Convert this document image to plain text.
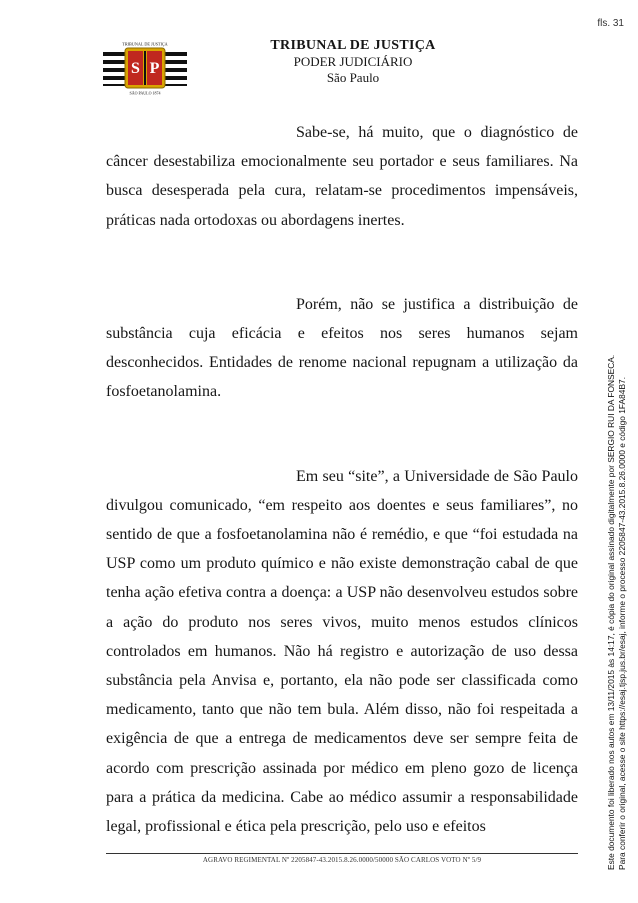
fls. 31
S P
TRIBUNAL DE JUSTIÇA
SÃO PAULO 1874
TRIBUNAL DE JUSTIÇA
PODER JUDICIÁRIO
São Paulo

Sabe-se, há muito, que o diagnóstico de câncer desestabiliza emocionalmente seu portador e seus familiares. Na busca desesperada pela cura, relatam-se procedimentos impensáveis, práticas nada ortodoxas ou abordagens inertes.

Porém, não se justifica a distribuição de substância cuja eficácia e efeitos nos seres humanos sejam desconhecidos. Entidades de renome nacional repugnam a utilização da fosfoetanolamina.

Em seu “site”, a Universidade de São Paulo divulgou comunicado, “em respeito aos doentes e seus familiares”, no sentido de que a fosfoetanolamina não é remédio, e que “foi estudada na USP como um produto químico e não existe demonstração cabal de que tenha ação efetiva contra a doença: a USP não desenvolveu estudos sobre a ação do produto nos seres vivos, muito menos estudos clínicos controlados em humanos. Não há registro e autorização de uso dessa substância pela Anvisa e, portanto, ela não pode ser classificada como medicamento, tanto que não tem bula. Além disso, não foi respeitada a exigência de que a entrega de medicamentos deve ser sempre feita de acordo com prescrição assinada por médico em pleno gozo de licença para a prática da medicina. Cabe ao médico assumir a responsabilidade legal, profissional e ética pela prescrição, pelo uso e efeitos

AGRAVO REGIMENTAL Nº 2205847-43.2015.8.26.0000/50000 SÃO CARLOS VOTO Nº 5/9	Este documento foi liberado nos autos em 13/11/2015 às 14:17, é cópia do original assinado digitalmente por SERGIO RUI DA FONSECA. Para conferir o original, acesse o site https://esaj.tjsp.jus.br/esaj, informe o processo 2205847-43.2015.8.26.0000 e código 1FA84B7.
